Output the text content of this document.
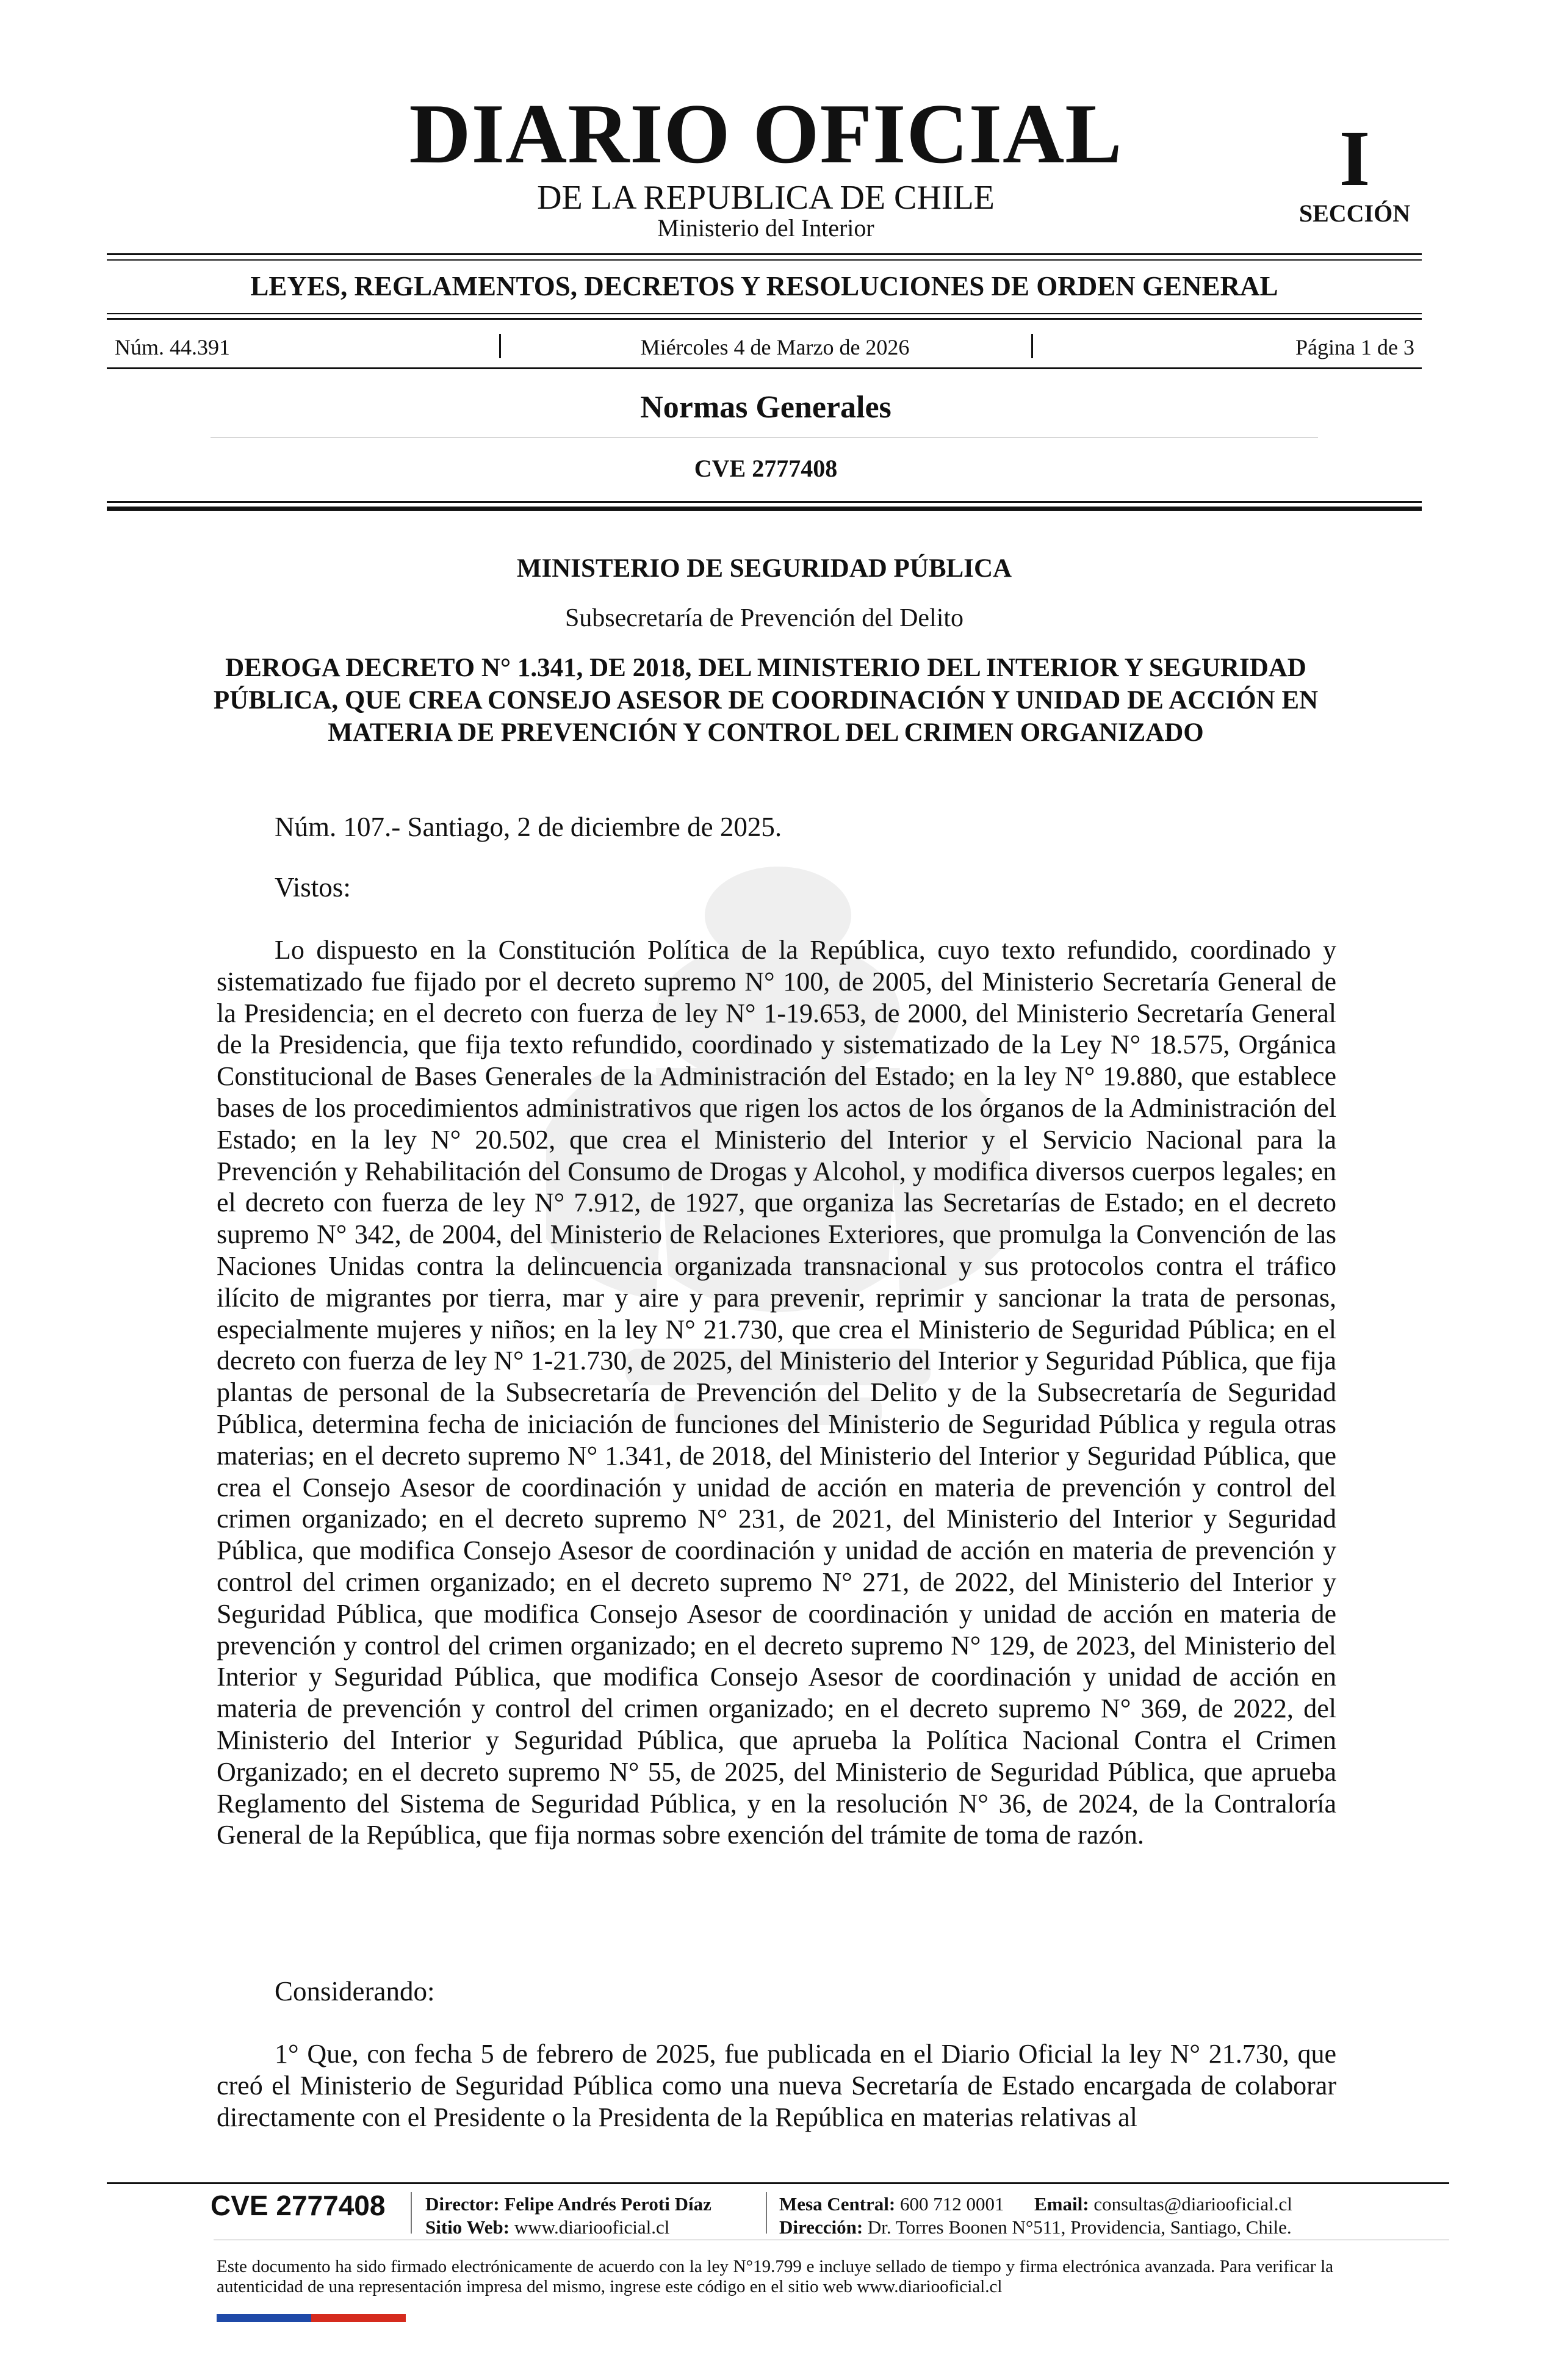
DIARIO OFICIAL
DE LA REPUBLICA DE CHILE
Ministerio del Interior
I
SECCIÓN
LEYES, REGLAMENTOS, DECRETOS Y RESOLUCIONES DE ORDEN GENERAL
Núm. 44.391	Miércoles 4 de Marzo de 2026	Página 1 de 3
Normas Generales
CVE 2777408
MINISTERIO DE SEGURIDAD PÚBLICA
Subsecretaría de Prevención del Delito
DEROGA DECRETO N° 1.341, DE 2018, DEL MINISTERIO DEL INTERIOR Y SEGURIDAD PÚBLICA, QUE CREA CONSEJO ASESOR DE COORDINACIÓN Y UNIDAD DE ACCIÓN EN MATERIA DE PREVENCIÓN Y CONTROL DEL CRIMEN ORGANIZADO
Núm. 107.- Santiago, 2 de diciembre de 2025.
Vistos:
Lo dispuesto en la Constitución Política de la República, cuyo texto refundido, coordinado y sistematizado fue fijado por el decreto supremo N° 100, de 2005, del Ministerio Secretaría General de la Presidencia; en el decreto con fuerza de ley N° 1-19.653, de 2000, del Ministerio Secretaría General de la Presidencia, que fija texto refundido, coordinado y sistematizado de la Ley N° 18.575, Orgánica Constitucional de Bases Generales de la Administración del Estado; en la ley N° 19.880, que establece bases de los procedimientos administrativos que rigen los actos de los órganos de la Administración del Estado; en la ley N° 20.502, que crea el Ministerio del Interior y el Servicio Nacional para la Prevención y Rehabilitación del Consumo de Drogas y Alcohol, y modifica diversos cuerpos legales; en el decreto con fuerza de ley N° 7.912, de 1927, que organiza las Secretarías de Estado; en el decreto supremo N° 342, de 2004, del Ministerio de Relaciones Exteriores, que promulga la Convención de las Naciones Unidas contra la delincuencia organizada transnacional y sus protocolos contra el tráfico ilícito de migrantes por tierra, mar y aire y para prevenir, reprimir y sancionar la trata de personas, especialmente mujeres y niños; en la ley N° 21.730, que crea el Ministerio de Seguridad Pública; en el decreto con fuerza de ley N° 1-21.730, de 2025, del Ministerio del Interior y Seguridad Pública, que fija plantas de personal de la Subsecretaría de Prevención del Delito y de la Subsecretaría de Seguridad Pública, determina fecha de iniciación de funciones del Ministerio de Seguridad Pública y regula otras materias; en el decreto supremo N° 1.341, de 2018, del Ministerio del Interior y Seguridad Pública, que crea el Consejo Asesor de coordinación y unidad de acción en materia de prevención y control del crimen organizado; en el decreto supremo N° 231, de 2021, del Ministerio del Interior y Seguridad Pública, que modifica Consejo Asesor de coordinación y unidad de acción en materia de prevención y control del crimen organizado; en el decreto supremo N° 271, de 2022, del Ministerio del Interior y Seguridad Pública, que modifica Consejo Asesor de coordinación y unidad de acción en materia de prevención y control del crimen organizado; en el decreto supremo N° 129, de 2023, del Ministerio del Interior y Seguridad Pública, que modifica Consejo Asesor de coordinación y unidad de acción en materia de prevención y control del crimen organizado; en el decreto supremo N° 369, de 2022, del Ministerio del Interior y Seguridad Pública, que aprueba la Política Nacional Contra el Crimen Organizado; en el decreto supremo N° 55, de 2025, del Ministerio de Seguridad Pública, que aprueba Reglamento del Sistema de Seguridad Pública, y en la resolución N° 36, de 2024, de la Contraloría General de la República, que fija normas sobre exención del trámite de toma de razón.
Considerando:
1° Que, con fecha 5 de febrero de 2025, fue publicada en el Diario Oficial la ley N° 21.730, que creó el Ministerio de Seguridad Pública como una nueva Secretaría de Estado encargada de colaborar directamente con el Presidente o la Presidenta de la República en materias relativas al
CVE 2777408 Director: Felipe Andrés Peroti Díaz
Sitio Web: www.diariooficial.cl
Mesa Central: 600 712 0001 Email: consultas@diariooficial.cl
Dirección: Dr. Torres Boonen N°511, Providencia, Santiago, Chile.
Este documento ha sido firmado electrónicamente de acuerdo con la ley N°19.799 e incluye sellado de tiempo y firma electrónica avanzada. Para verificar la autenticidad de una representación impresa del mismo, ingrese este código en el sitio web www.diariooficial.cl
